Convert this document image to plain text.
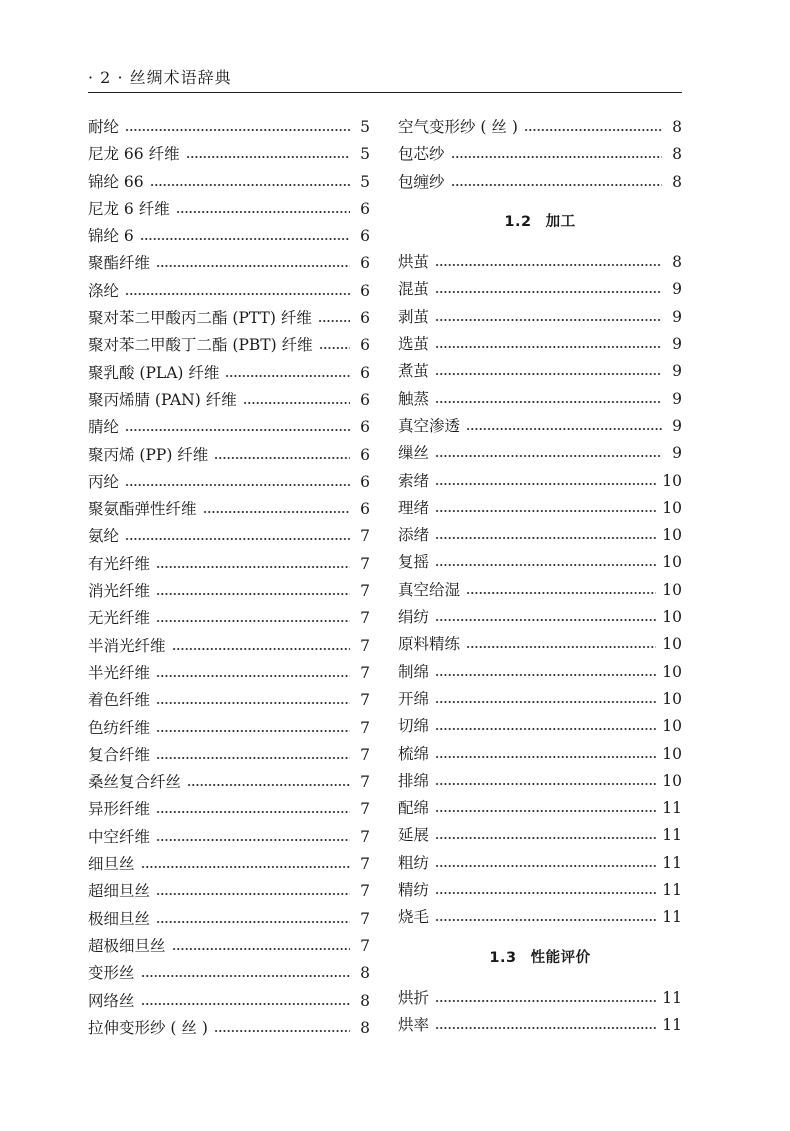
· 2 · 丝绸术语辞典
耐纶	5
尼龙 66 纤维	5
锦纶 66	5
尼龙 6 纤维	6
锦纶 6	6
聚酯纤维	6
涤纶	6
聚对苯二甲酸丙二酯 (PTT) 纤维	6
聚对苯二甲酸丁二酯 (PBT) 纤维	6
聚乳酸 (PLA) 纤维	6
聚丙烯腈 (PAN) 纤维	6
腈纶	6
聚丙烯 (PP) 纤维	6
丙纶	6
聚氨酯弹性纤维	6
氨纶	7
有光纤维	7
消光纤维	7
无光纤维	7
半消光纤维	7
半光纤维	7
着色纤维	7
色纺纤维	7
复合纤维	7
桑丝复合纤丝	7
异形纤维	7
中空纤维	7
细旦丝	7
超细旦丝	7
极细旦丝	7
超极细旦丝	7
变形丝	8
网络丝	8
拉伸变形纱 ( 丝 )	8
空气变形纱 ( 丝 )	8
包芯纱	8
包缠纱	8
1.2 加工
烘茧	8
混茧	9
剥茧	9
选茧	9
煮茧	9
触蒸	9
真空渗透	9
缫丝	9
索绪	10
理绪	10
添绪	10
复摇	10
真空给湿	10
绢纺	10
原料精练	10
制绵	10
开绵	10
切绵	10
梳绵	10
排绵	10
配绵	11
延展	11
粗纺	11
精纺	11
烧毛	11
1.3 性能评价
烘折	11
烘率	11
